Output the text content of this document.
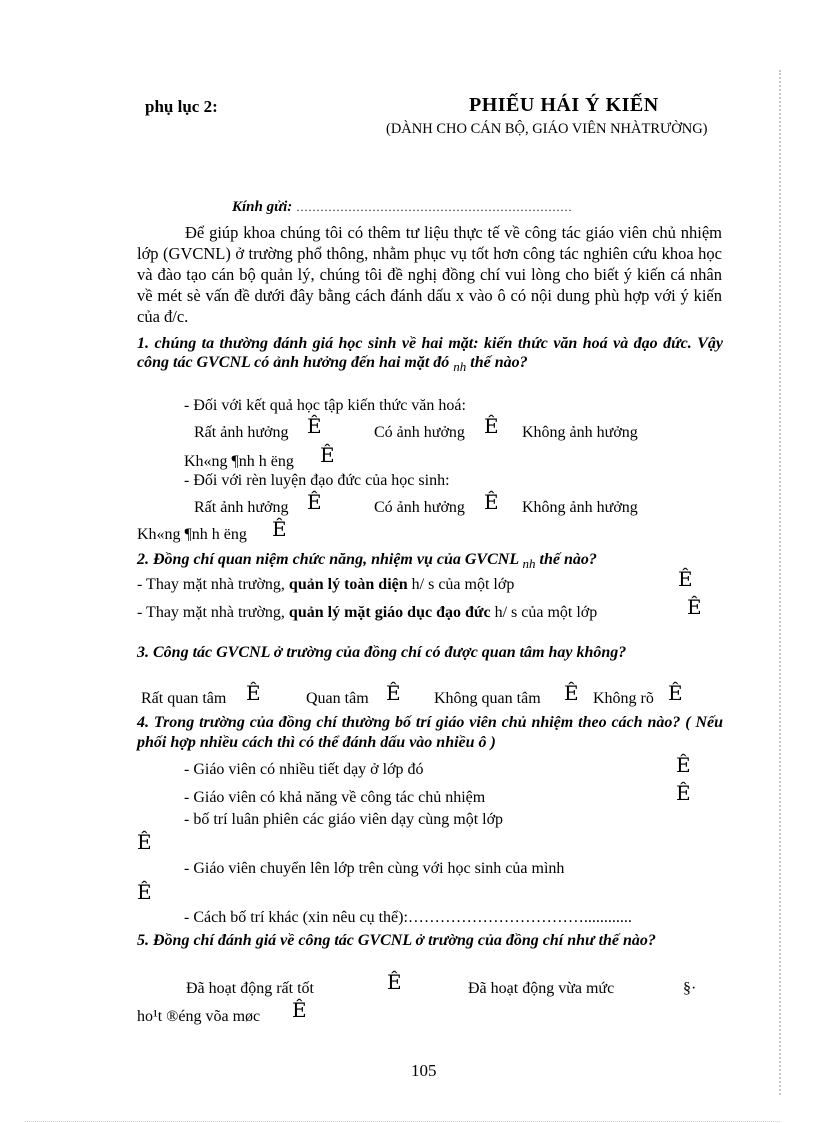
phụ lục 2:	PHIẾU HÁI Ý KIẾN
(DÀNH CHO CÁN BỘ, GIÁO VIÊN NHÀTRƯỜNG)
Kính gửi: ……………………………………………………………
Để giúp khoa chúng tôi có thêm tư liệu thực tế về công tác giáo viên chủ nhiệm lớp (GVCNL) ở trường phổ thông, nhằm phục vụ tốt hơn công tác nghiên cứu khoa học và đào tạo cán bộ quản lý, chúng tôi đề nghị đồng chí vui lòng cho biết ý kiến cá nhân về mét sè vấn đề dưới đây bằng cách đánh dấu x vào ô có nội dung phù hợp với ý kiến của đ/c.
1. chúng ta thường đánh giá học sinh về hai mặt: kiến thức văn hoá và đạo đức. Vậy công tác GVCNL có ảnh hưởng đến hai mặt đó $_{nh}$ thế nào?
- Đối với kết quả học tập kiến thức văn hoá:
Rất ảnh hưởng Ê	Có ảnh hưởng Ê Không ảnh hưởng
Kh«ng ¶nh h ëng Ê
- Đối với rèn luyện đạo đức của học sinh:
Rất ảnh hưởng Ê	Có ảnh hưởng Ê Không ảnh hưởng
Kh«ng ¶nh h ëng Ê
2. Đồng chí quan niệm chức năng, nhiệm vụ của GVCNL $_{nh}$ thế nào?
- Thay mặt nhà trường, quản lý toàn diện h/ s của một lớp	Ê
- Thay mặt nhà trường, quản lý mặt giáo dục đạo đức h/ s của một lớp	Ê
3. Công tác GVCNL ở trường của đồng chí có được quan tâm hay không?
Rất quan tâm Ê	Quan tâm Ê Không quan tâm Ê Không rõ Ê
4. Trong trường của đồng chí thường bố trí giáo viên chủ nhiệm theo cách nào? ( Nếu phối hợp nhiều cách thì có thể đánh dấu vào nhiều ô )
- Giáo viên có nhiều tiết dạy ở lớp đó	Ê
- Giáo viên có khả năng về công tác chủ nhiệm	Ê
- bố trí luân phiên các giáo viên dạy cùng một lớp
Ê
- Giáo viên chuyển lên lớp trên cùng với học sinh của mình
Ê
- Cách bố trí khác (xin nêu cụ thể):……………………………............
5. Đồng chí đánh giá về công tác GVCNL ở trường của đồng chí như thế nào?
Đã hoạt động rất tốt	Ê	Đã hoạt động vừa mức	§·
ho¹t ®éng võa møc Ê
105
